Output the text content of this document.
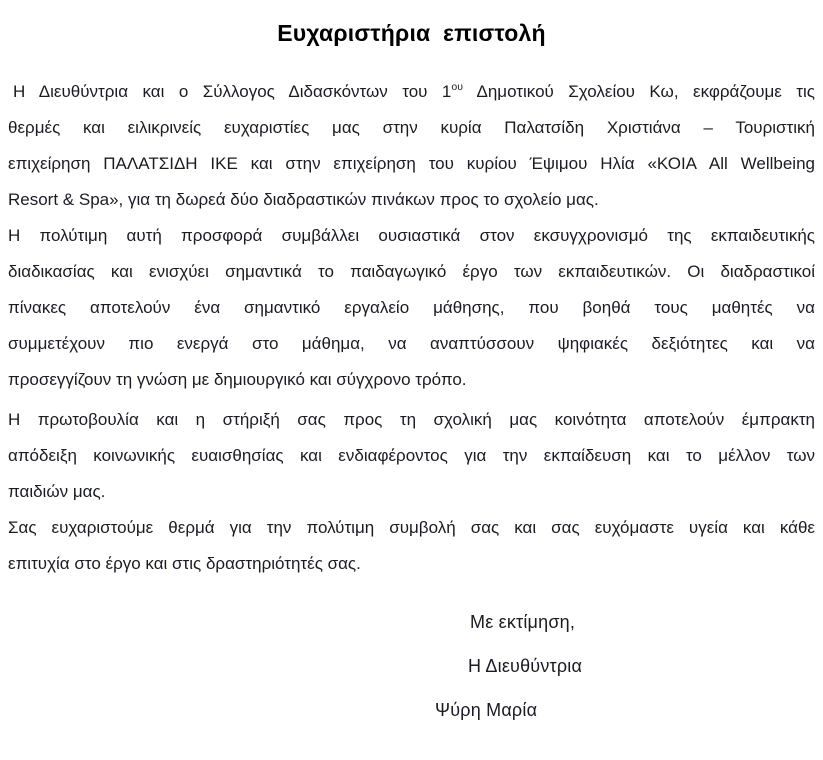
Ευχαριστήρια επιστολή
Η Διευθύντρια και ο Σύλλογος Διδασκόντων του $1^{o\upsilon}$ Δημοτικού Σχολείου Κω, εκφράζουμε τις
θερμές και ειλικρινείς ευχαριστίες μας στην κυρία Παλατσίδη Χριστιάνα – Τουριστική
επιχείρηση ΠΑΛΑΤΣΙΔΗ ΙΚΕ και στην επιχείρηση του κυρίου Έψιμου Ηλία «ΚΟΙΑ All Wellbeing
Resort & Spa», για τη δωρεά δύο διαδραστικών πινάκων προς το σχολείο μας.
Η πολύτιμη αυτή προσφορά συμβάλλει ουσιαστικά στον εκσυγχρονισμό της εκπαιδευτικής
διαδικασίας και ενισχύει σημαντικά το παιδαγωγικό έργο των εκπαιδευτικών. Οι διαδραστικοί
πίνακες αποτελούν ένα σημαντικό εργαλείο μάθησης, που βοηθά τους μαθητές να
συμμετέχουν πιο ενεργά στο μάθημα, να αναπτύσσουν ψηφιακές δεξιότητες και να
προσεγγίζουν τη γνώση με δημιουργικό και σύγχρονο τρόπο.
Η πρωτοβουλία και η στήριξή σας προς τη σχολική μας κοινότητα αποτελούν έμπρακτη
απόδειξη κοινωνικής ευαισθησίας και ενδιαφέροντος για την εκπαίδευση και το μέλλον των
παιδιών μας.
Σας ευχαριστούμε θερμά για την πολύτιμη συμβολή σας και σας ευχόμαστε υγεία και κάθε
επιτυχία στο έργο και στις δραστηριότητές σας.
Με εκτίμηση,
Η Διευθύντρια
Ψύρη Μαρία
